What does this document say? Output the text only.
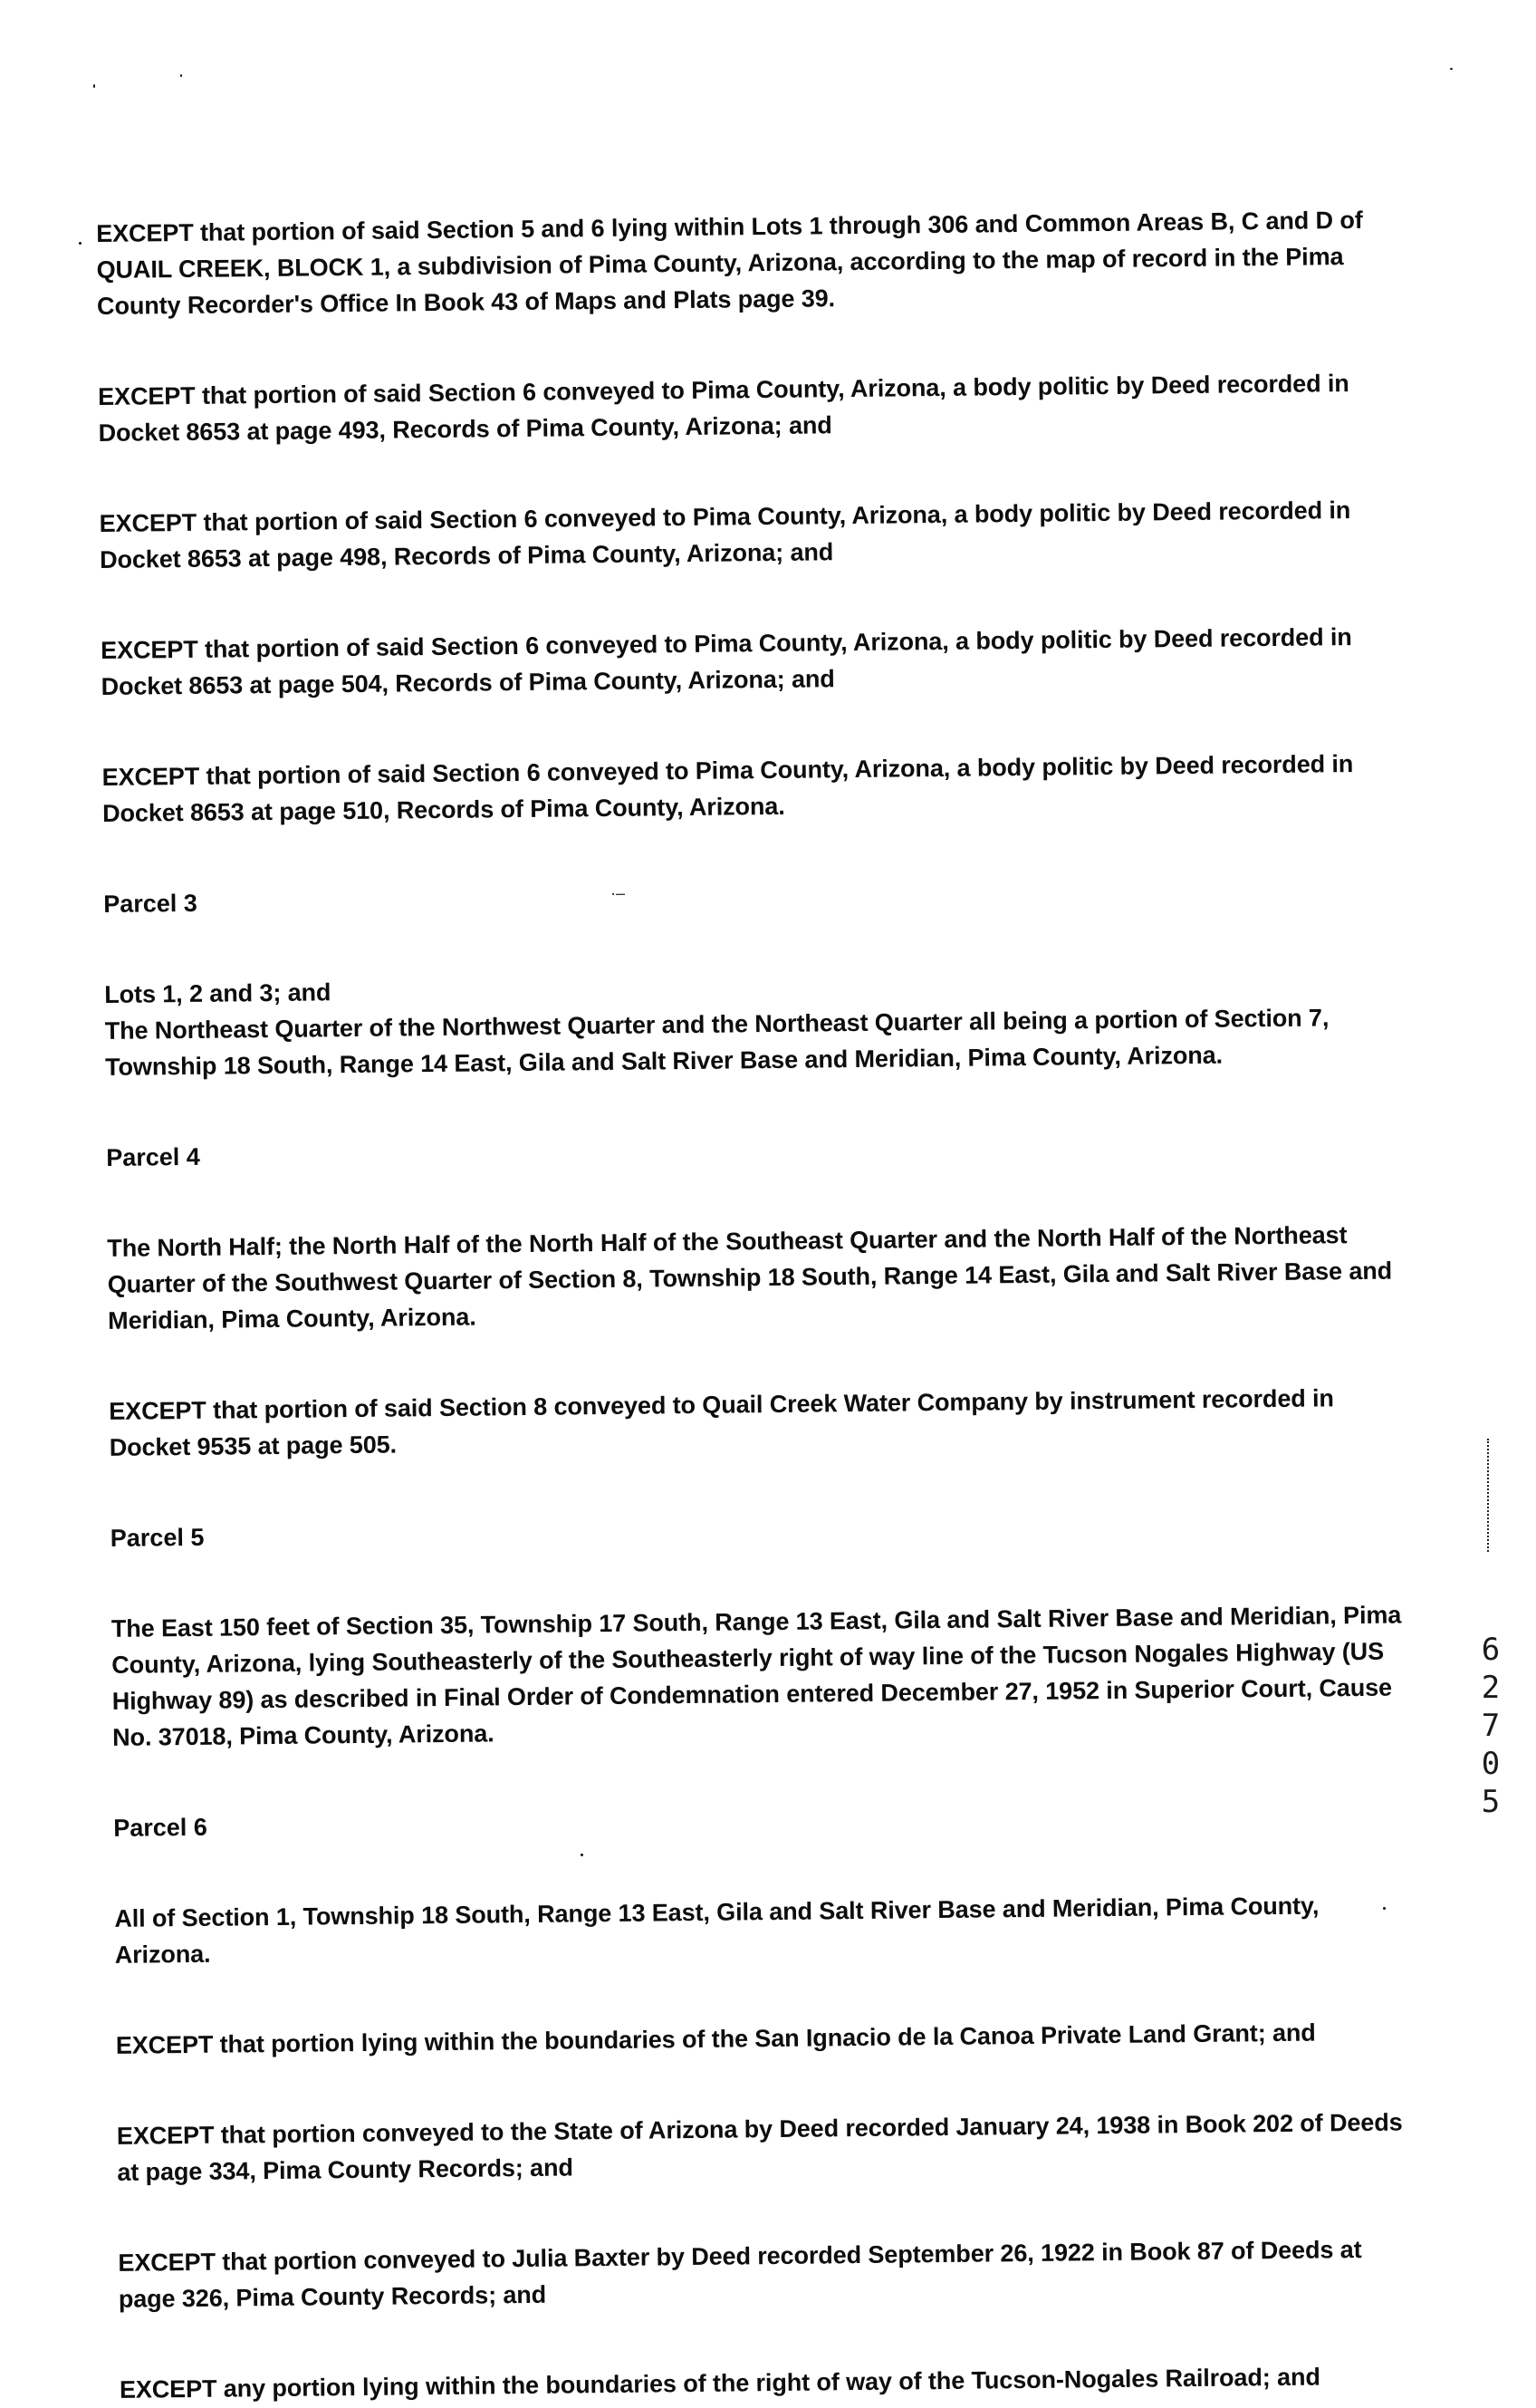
EXCEPT that portion of said Section 5 and 6 lying within Lots 1 through 306 and Common Areas B, C and D of
QUAIL CREEK, BLOCK 1, a subdivision of Pima County, Arizona, according to the map of record in the Pima
County Recorder's Office In Book 43 of Maps and Plats page 39.
EXCEPT that portion of said Section 6 conveyed to Pima County, Arizona, a body politic by Deed recorded in
Docket 8653 at page 493, Records of Pima County, Arizona; and
EXCEPT that portion of said Section 6 conveyed to Pima County, Arizona, a body politic by Deed recorded in
Docket 8653 at page 498, Records of Pima County, Arizona; and
EXCEPT that portion of said Section 6 conveyed to Pima County, Arizona, a body politic by Deed recorded in
Docket 8653 at page 504, Records of Pima County, Arizona; and
EXCEPT that portion of said Section 6 conveyed to Pima County, Arizona, a body politic by Deed recorded in
Docket 8653 at page 510, Records of Pima County, Arizona.
Parcel 3	·–
Lots 1, 2 and 3; and
The Northeast Quarter of the Northwest Quarter and the Northeast Quarter all being a portion of Section 7,
Township 18 South, Range 14 East, Gila and Salt River Base and Meridian, Pima County, Arizona.
Parcel 4
The North Half; the North Half of the North Half of the Southeast Quarter and the North Half of the Northeast
Quarter of the Southwest Quarter of Section 8, Township 18 South, Range 14 East, Gila and Salt River Base and
Meridian, Pima County, Arizona.
EXCEPT that portion of said Section 8 conveyed to Quail Creek Water Company by instrument recorded in
Docket 9535 at page 505.
Parcel 5
The East 150 feet of Section 35, Township 17 South, Range 13 East, Gila and Salt River Base and Meridian, Pima
County, Arizona, lying Southeasterly of the Southeasterly right of way line of the Tucson Nogales Highway (US
Highway 89) as described in Final Order of Condemnation entered December 27, 1952 in Superior Court, Cause
No. 37018, Pima County, Arizona.
Parcel 6
All of Section 1, Township 18 South, Range 13 East, Gila and Salt River Base and Meridian, Pima County,
Arizona.
EXCEPT that portion lying within the boundaries of the San Ignacio de la Canoa Private Land Grant; and
EXCEPT that portion conveyed to the State of Arizona by Deed recorded January 24, 1938 in Book 202 of Deeds
at page 334, Pima County Records; and
EXCEPT that portion conveyed to Julia Baxter by Deed recorded September 26, 1922 in Book 87 of Deeds at
page 326, Pima County Records; and
EXCEPT any portion lying within the boundaries of the right of way of the Tucson-Nogales Railroad; and
6
2
7
0
5
